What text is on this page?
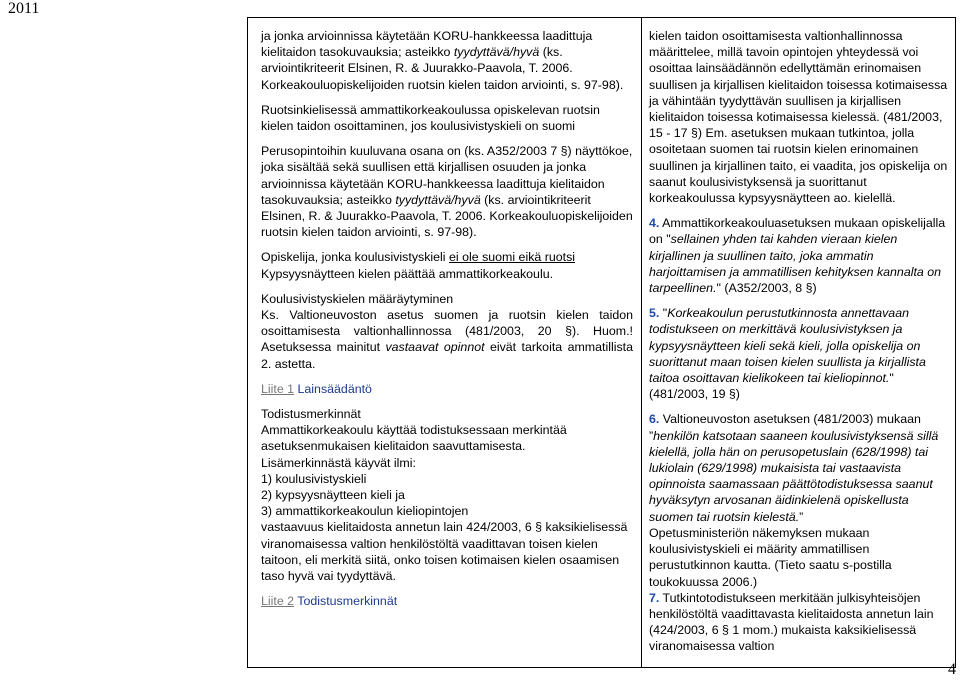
2011

ja jonka arvioinnissa käytetään KORU-hankkeessa laadittuja kielitaidon tasokuvauksia; asteikko tyydyttävä/hyvä (ks. arviointikriteerit Elsinen, R. & Juurakko-Paavola, T. 2006. Korkeakouluopiskelijoiden ruotsin kielen taidon arviointi, s. 97-98).

Ruotsinkielisessä ammattikorkeakoulussa opiskelevan ruotsin kielen taidon osoittaminen, jos koulusivistyskieli on suomi

Perusopintoihin kuuluvana osana on (ks. A352/2003 7 §) näyttökoe, joka sisältää sekä suullisen että kirjallisen osuuden ja jonka arvioinnissa käytetään KORU-hankkeessa laadittuja kielitaidon tasokuvauksia; asteikko tyydyttävä/hyvä (ks. arviointikriteerit Elsinen, R. & Juurakko-Paavola, T. 2006. Korkeakouluopiskelijoiden ruotsin kielen taidon arviointi, s. 97-98).

Opiskelija, jonka koulusivistyskieli ei ole suomi eikä ruotsi Kypsyysnäytteen kielen päättää ammattikorkeakoulu.

Koulusivistyskielen määräytyminen

Ks. Valtioneuvoston asetus suomen ja ruotsin kielen taidon osoittamisesta valtionhallinnossa (481/2003, 20 §). Huom.! Asetuksessa mainitut vastaavat opinnot eivät tarkoita ammatillista 2. astetta.

Liite 1 Lainsäädäntö

Todistusmerkinnät

Ammattikorkeakoulu käyttää todistuksessaan merkintää asetuksenmukaisen kielitaidon saavuttamisesta.

Lisämerkinnästä käyvät ilmi:

1) koulusivistyskieli

2) kypsyysnäytteen kieli ja

3) ammattikorkeakoulun kieliopintojen

vastaavuus kielitaidosta annetun lain 424/2003, 6 § kaksikielisessä viranomaisessa valtion henkilöstöltä vaadittavan toisen kielen taitoon, eli merkitä siitä, onko toisen kotimaisen kielen osaamisen taso hyvä vai tyydyttävä.

Liite 2 Todistusmerkinnät

kielen taidon osoittamisesta valtionhallinnossa määrittelee, millä tavoin opintojen yhteydessä voi osoittaa lainsäädännön edellyttämän erinomaisen suullisen ja kirjallisen kielitaidon toisessa kotimaisessa ja vähintään tyydyttävän suullisen ja kirjallisen kielitaidon toisessa kotimaisessa kielessä. (481/2003, 15 - 17 §) Em. asetuksen mukaan tutkintoa, jolla osoitetaan suomen tai ruotsin kielen erinomainen suullinen ja kirjallinen taito, ei vaadita, jos opiskelija on saanut koulusivistyksensä ja suorittanut korkeakoulussa kypsyysnäytteen ao. kielellä.

4. Ammattikorkeakouluasetuksen mukaan opiskelijalla on "sellainen yhden tai kahden vieraan kielen kirjallinen ja suullinen taito, joka ammatin harjoittamisen ja ammatillisen kehityksen kannalta on tarpeellinen." (A352/2003, 8 §)

5. "Korkeakoulun perustutkinnosta annettavaan todistukseen on merkittävä koulusivistyksen ja kypsyysnäytteen kieli sekä kieli, jolla opiskelija on suorittanut maan toisen kielen suullista ja kirjallista taitoa osoittavan kielikokeen tai kieliopinnot." (481/2003, 19 §)

6. Valtioneuvoston asetuksen (481/2003) mukaan ”henkilön katsotaan saaneen koulusivistyksensä sillä kielellä, jolla hän on perusopetuslain (628/1998) tai lukiolain (629/1998) mukaisista tai vastaavista opinnoista saamassaan päättötodistuksessa saanut hyväksytyn arvosanan äidinkielenä opiskellusta suomen tai ruotsin kielestä.”

Opetusministeriön näkemyksen mukaan koulusivistyskieli ei määrity ammatillisen perustutkinnon kautta. (Tieto saatu s-postilla toukokuussa 2006.)

7. Tutkintotodistukseen merkitään julkisyhteisöjen henkilöstöltä vaadittavasta kielitaidosta annetun lain (424/2003, 6 § 1 mom.) mukaista kaksikielisessä viranomaisessa valtion

4
